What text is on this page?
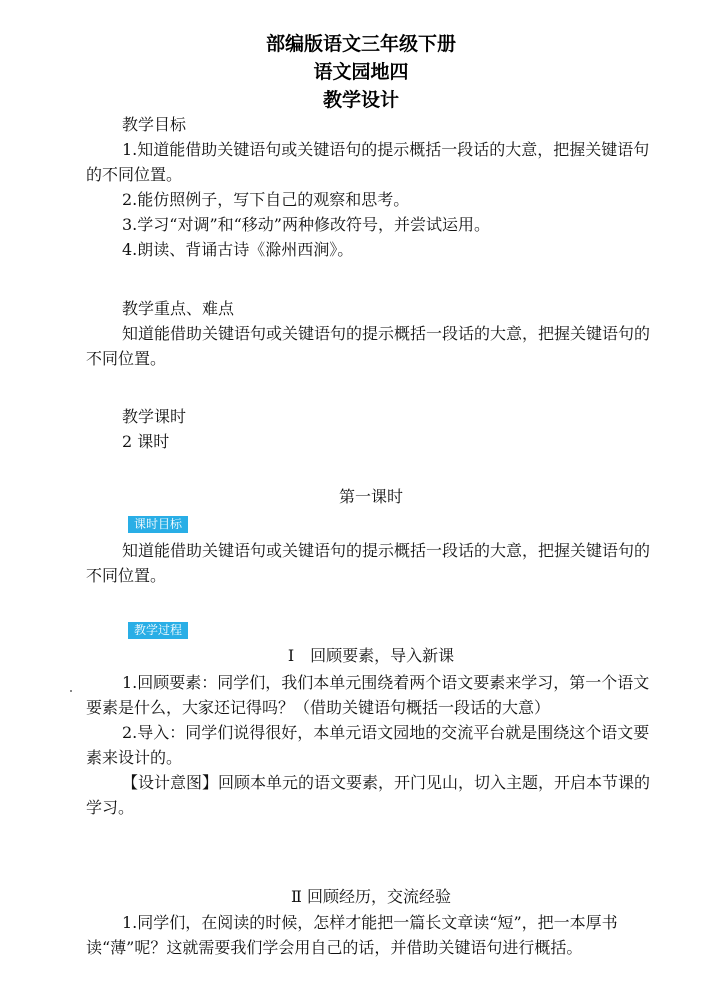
部编版语文三年级下册
语文园地四
教学设计

教学目标

1.知道能借助关键语句或关键语句的提示概括一段话的大意，把握关键语句的不同位置。

2.能仿照例子，写下自己的观察和思考。

3.学习“对调”和“移动”两种修改符号，并尝试运用。

4.朗读、背诵古诗《滁州西涧》。

教学重点、难点

知道能借助关键语句或关键语句的提示概括一段话的大意，把握关键语句的不同位置。

教学课时

2 课时

第一课时
课时目标

知道能借助关键语句或关键语句的提示概括一段话的大意，把握关键语句的不同位置。

教学过程
Ⅰ　回顾要素，导入新课

1.回顾要素：同学们，我们本单元围绕着两个语文要素来学习，第一个语文要素是什么，大家还记得吗？（借助关键语句概括一段话的大意）

2.导入：同学们说得很好，本单元语文园地的交流平台就是围绕这个语文要素来设计的。

【设计意图】回顾本单元的语文要素，开门见山，切入主题，开启本节课的学习。

Ⅱ 回顾经历，交流经验

1.同学们，在阅读的时候，怎样才能把一篇长文章读“短”，把一本厚书读“薄”呢？这就需要我们学会用自己的话，并借助关键语句进行概括。
